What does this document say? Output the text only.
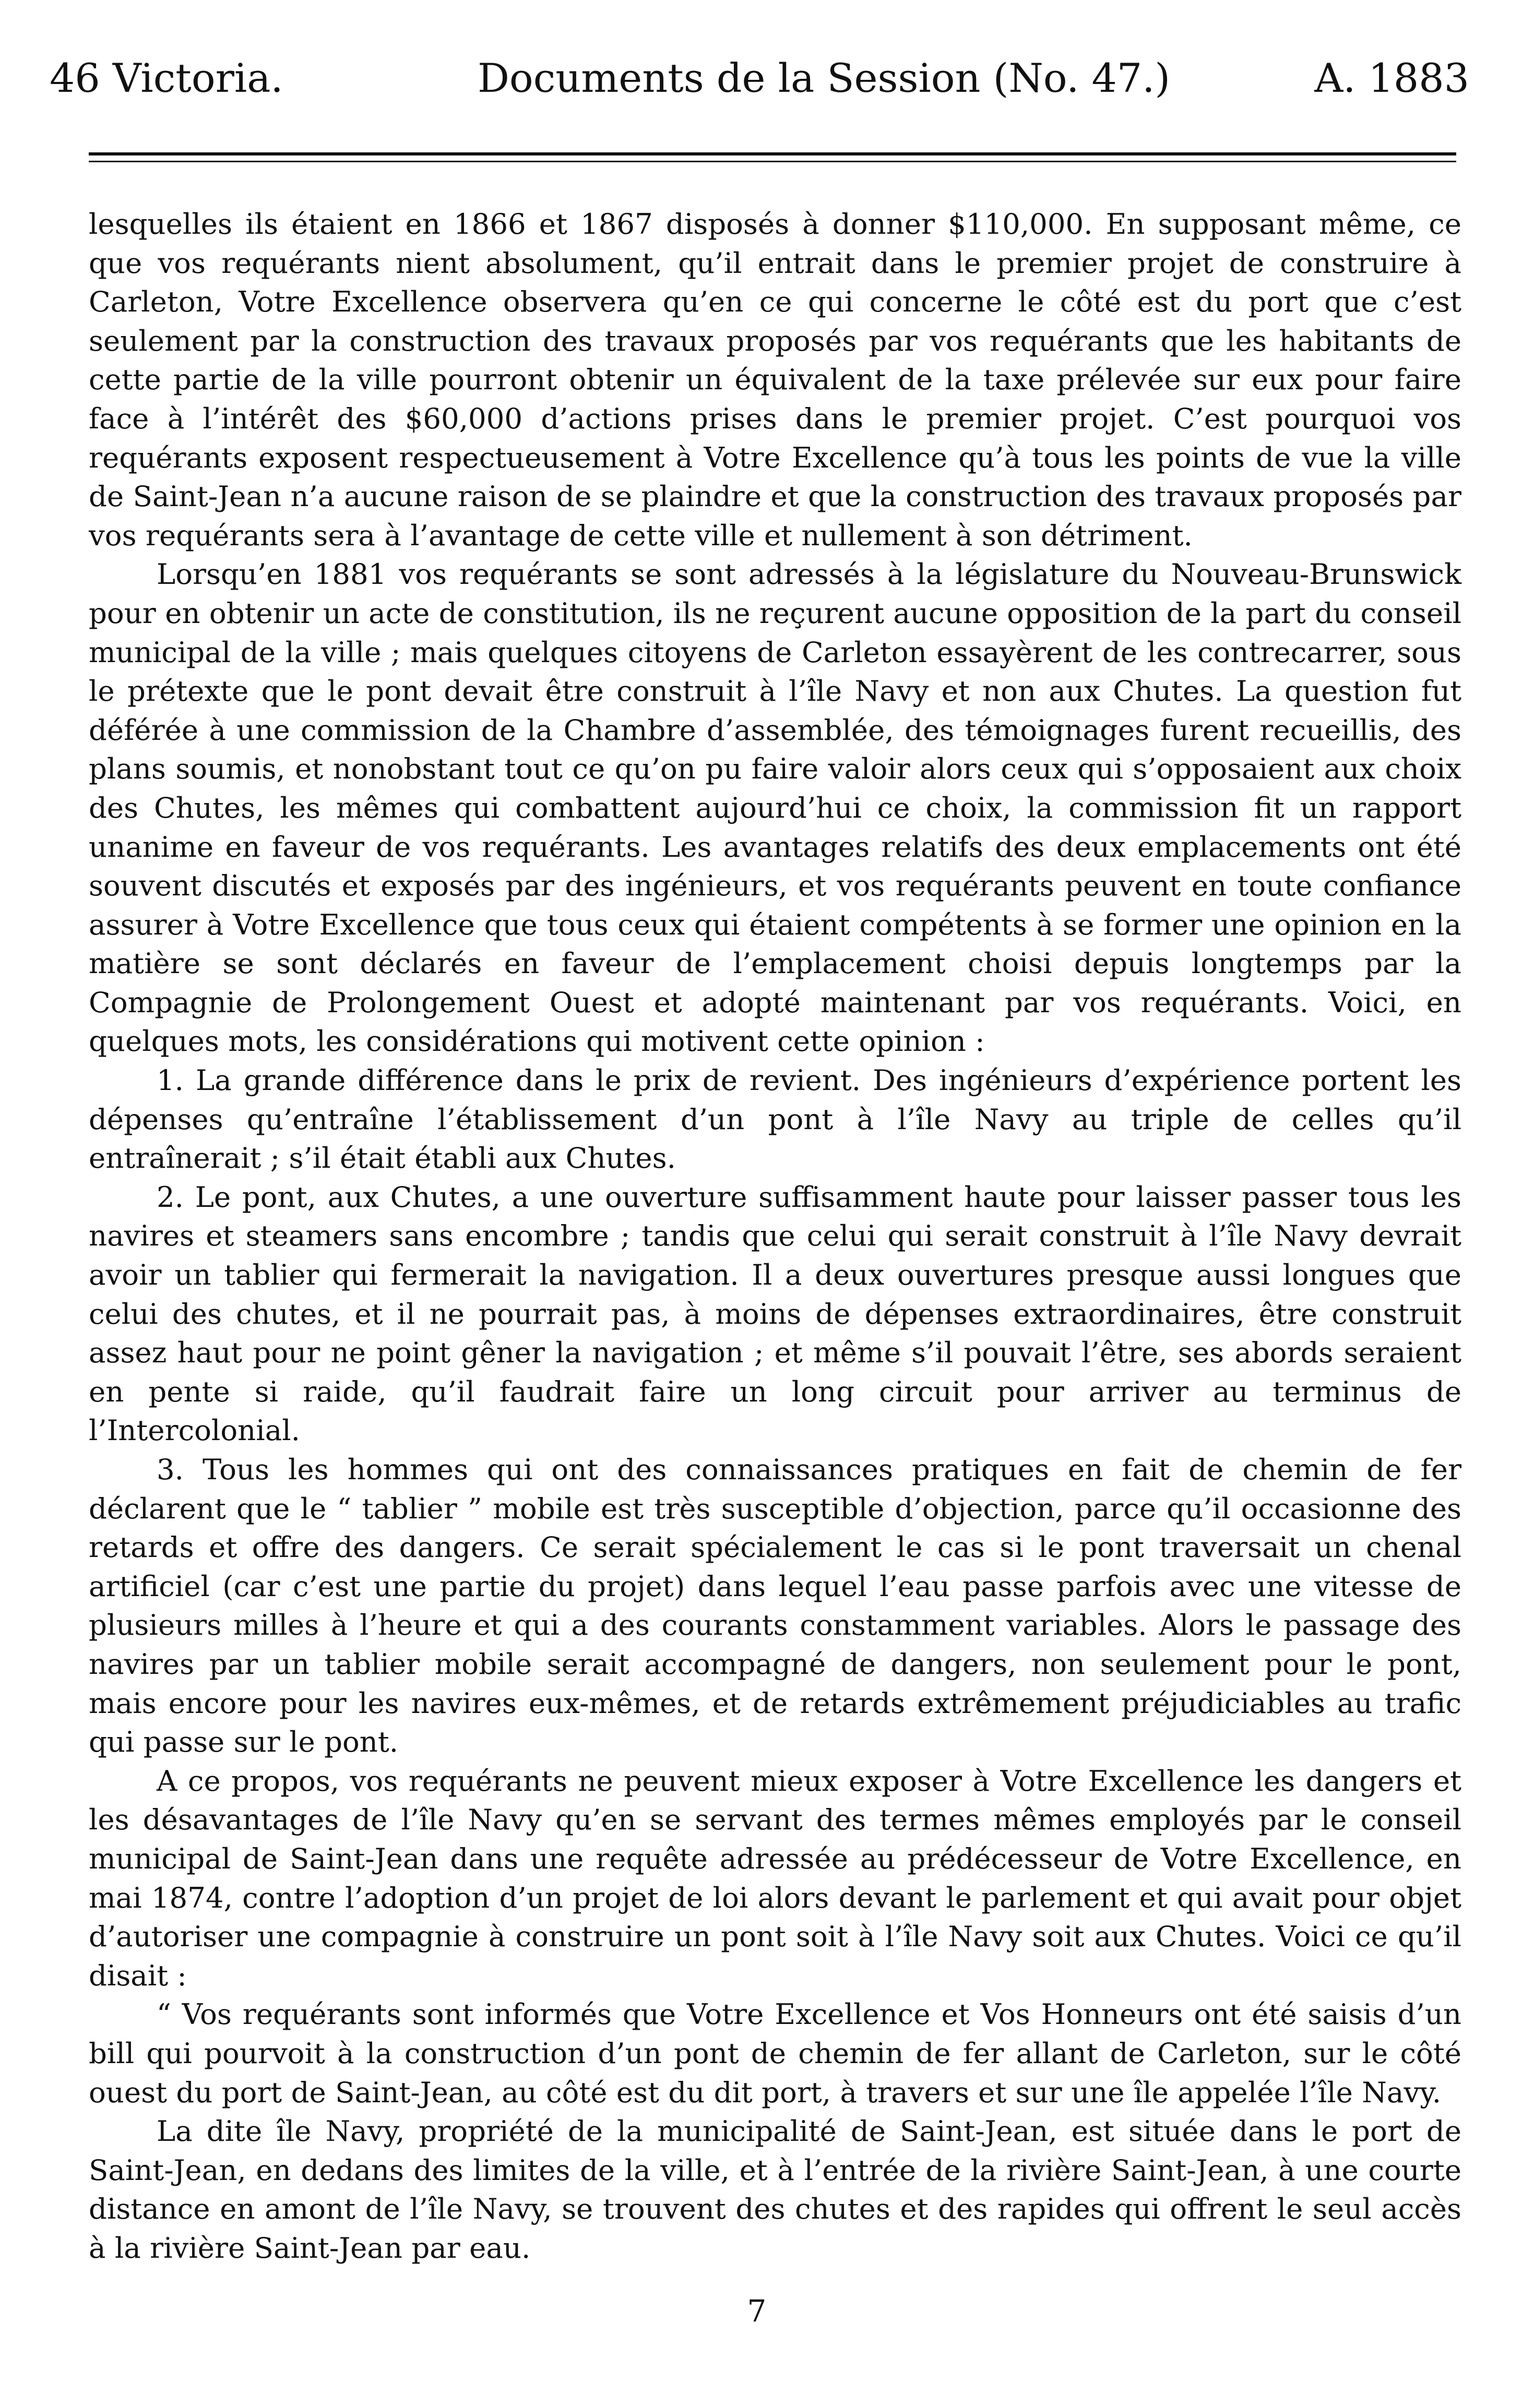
46 Victoria.	Documents de la Session (No. 47.)	A. 1883

lesquelles ils étaient en 1866 et 1867 disposés à donner $110,000. En supposant même, ce que vos requérants nient absolument, qu’il entrait dans le premier projet de construire à Carleton, Votre Excellence observera qu’en ce qui concerne le côté est du port que c’est seulement par la construction des travaux proposés par vos requérants que les habitants de cette partie de la ville pourront obtenir un équivalent de la taxe prélevée sur eux pour faire face à l’intérêt des $60,000 d’actions prises dans le premier projet. C’est pourquoi vos requérants exposent respectueusement à Votre Excellence qu’à tous les points de vue la ville de Saint-Jean n’a aucune raison de se plaindre et que la construction des travaux proposés par vos requérants sera à l’avantage de cette ville et nullement à son détriment.

Lorsqu’en 1881 vos requérants se sont adressés à la législature du Nouveau-Brunswick pour en obtenir un acte de constitution, ils ne reçurent aucune opposition de la part du conseil municipal de la ville ; mais quelques citoyens de Carleton essayèrent de les contrecarrer, sous le prétexte que le pont devait être construit à l’île Navy et non aux Chutes. La question fut déférée à une commission de la Chambre d’assemblée, des témoignages furent recueillis, des plans soumis, et nonobstant tout ce qu’on pu faire valoir alors ceux qui s’opposaient aux choix des Chutes, les mêmes qui combattent aujourd’hui ce choix, la commission fit un rapport unanime en faveur de vos requérants. Les avantages relatifs des deux emplacements ont été souvent discutés et exposés par des ingénieurs, et vos requérants peuvent en toute confiance assurer à Votre Excellence que tous ceux qui étaient compétents à se former une opinion en la matière se sont déclarés en faveur de l’emplacement choisi depuis longtemps par la Compagnie de Prolongement Ouest et adopté maintenant par vos requérants. Voici, en quelques mots, les considérations qui motivent cette opinion :

1. La grande différence dans le prix de revient. Des ingénieurs d’expérience portent les dépenses qu’entraîne l’établissement d’un pont à l’île Navy au triple de celles qu’il entraînerait ; s’il était établi aux Chutes.

2. Le pont, aux Chutes, a une ouverture suffisamment haute pour laisser passer tous les navires et steamers sans encombre ; tandis que celui qui serait construit à l’île Navy devrait avoir un tablier qui fermerait la navigation. Il a deux ouvertures presque aussi longues que celui des chutes, et il ne pourrait pas, à moins de dépenses extraordinaires, être construit assez haut pour ne point gêner la navigation ; et même s’il pouvait l’être, ses abords seraient en pente si raide, qu’il faudrait faire un long circuit pour arriver au terminus de l’Intercolonial.

3. Tous les hommes qui ont des connaissances pratiques en fait de chemin de fer déclarent que le “ tablier ” mobile est très susceptible d’objection, parce qu’il occasionne des retards et offre des dangers. Ce serait spécialement le cas si le pont traversait un chenal artificiel (car c’est une partie du projet) dans lequel l’eau passe parfois avec une vitesse de plusieurs milles à l’heure et qui a des courants constamment variables. Alors le passage des navires par un tablier mobile serait accompagné de dangers, non seulement pour le pont, mais encore pour les navires eux-mêmes, et de retards extrêmement préjudiciables au trafic qui passe sur le pont.

A ce propos, vos requérants ne peuvent mieux exposer à Votre Excellence les dangers et les désavantages de l’île Navy qu’en se servant des termes mêmes employés par le conseil municipal de Saint-Jean dans une requête adressée au prédécesseur de Votre Excellence, en mai 1874, contre l’adoption d’un projet de loi alors devant le parlement et qui avait pour objet d’autoriser une compagnie à construire un pont soit à l’île Navy soit aux Chutes. Voici ce qu’il disait :

“ Vos requérants sont informés que Votre Excellence et Vos Honneurs ont été saisis d’un bill qui pourvoit à la construction d’un pont de chemin de fer allant de Carleton, sur le côté ouest du port de Saint-Jean, au côté est du dit port, à travers et sur une île appelée l’île Navy.

La dite île Navy, propriété de la municipalité de Saint-Jean, est située dans le port de Saint-Jean, en dedans des limites de la ville, et à l’entrée de la rivière Saint-Jean, à une courte distance en amont de l’île Navy, se trouvent des chutes et des rapides qui offrent le seul accès à la rivière Saint-Jean par eau.

7
